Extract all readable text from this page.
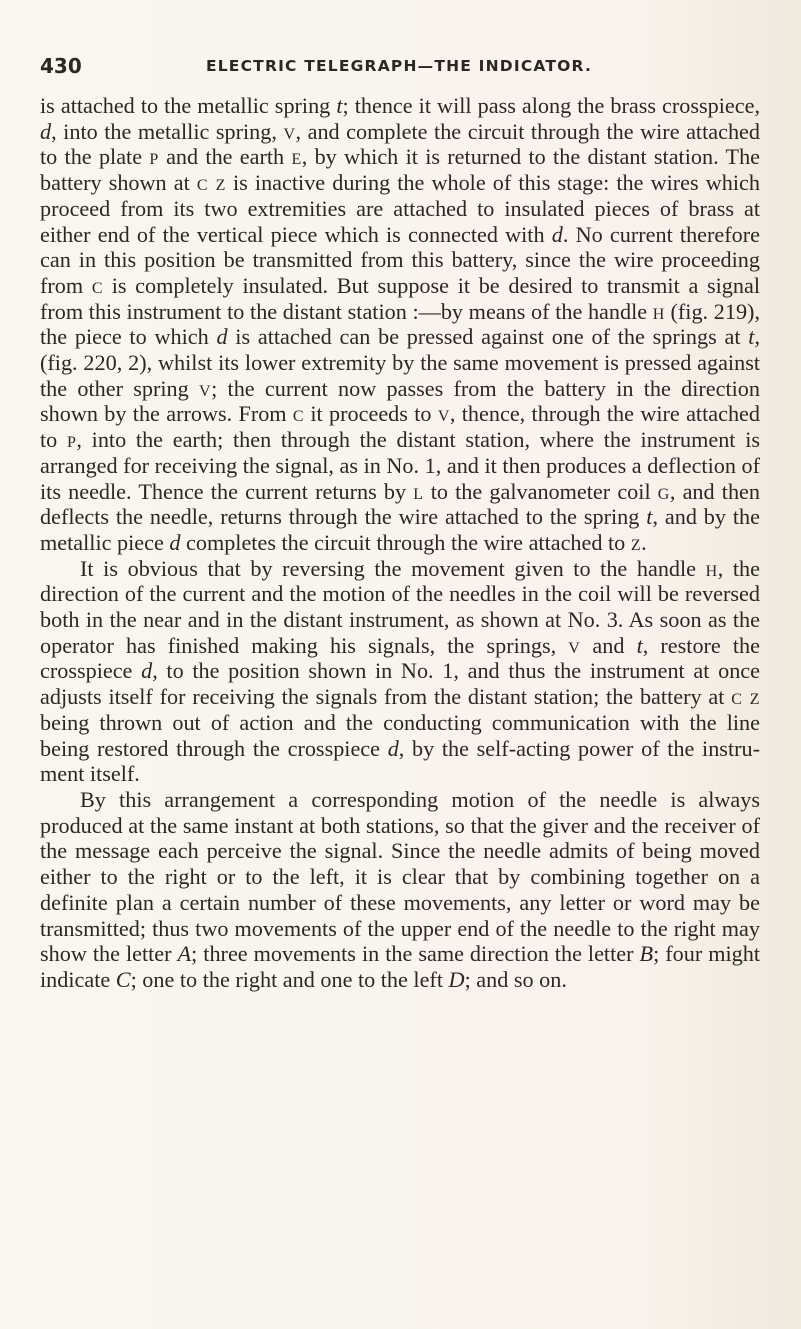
430	ELECTRIC TELEGRAPH—THE INDICATOR.

is attached to the metallic spring t; thence it will pass along the brass crosspiece, d, into the metallic spring, v, and complete the circuit through the wire attached to the plate p and the earth e, by which it is returned to the distant station. The battery shown at c z is inactive during the whole of this stage: the wires which proceed from its two extremities are attached to insulated pieces of brass at either end of the vertical piece which is connected with d. No current therefore can in this position be transmitted from this battery, since the wire proceeding from c is completely insulated. But suppose it be desired to transmit a signal from this instrument to the distant station :—by means of the handle h (fig. 219), the piece to which d is attached can be pressed against one of the springs at t, (fig. 220, 2), whilst its lower extremity by the same movement is pressed against the other spring v; the current now passes from the battery in the direction shown by the arrows. From c it proceeds to v, thence, through the wire attached to p, into the earth; then through the distant station, where the instrument is arranged for receiving the signal, as in No. 1, and it then produces a deflection of its needle. Thence the current returns by l to the galvanometer coil g, and then deflects the needle, returns through the wire attached to the spring t, and by the metallic piece d completes the circuit through the wire attached to z.

It is obvious that by reversing the movement given to the handle h, the direction of the current and the motion of the needles in the coil will be reversed both in the near and in the distant instrument, as shown at No. 3. As soon as the operator has finished making his signals, the springs, v and t, restore the crosspiece d, to the position shown in No. 1, and thus the instrument at once adjusts itself for receiving the signals from the distant station; the battery at c z being thrown out of action and the conducting communication with the line being restored through the crosspiece d, by the self-acting power of the instrument itself.

By this arrangement a corresponding motion of the needle is always produced at the same instant at both stations, so that the giver and the receiver of the message each perceive the signal. Since the needle admits of being moved either to the right or to the left, it is clear that by combining together on a definite plan a certain number of these movements, any letter or word may be transmitted; thus two movements of the upper end of the needle to the right may show the letter A; three movements in the same direction the letter B; four might indicate C; one to the right and one to the left D; and so on.
